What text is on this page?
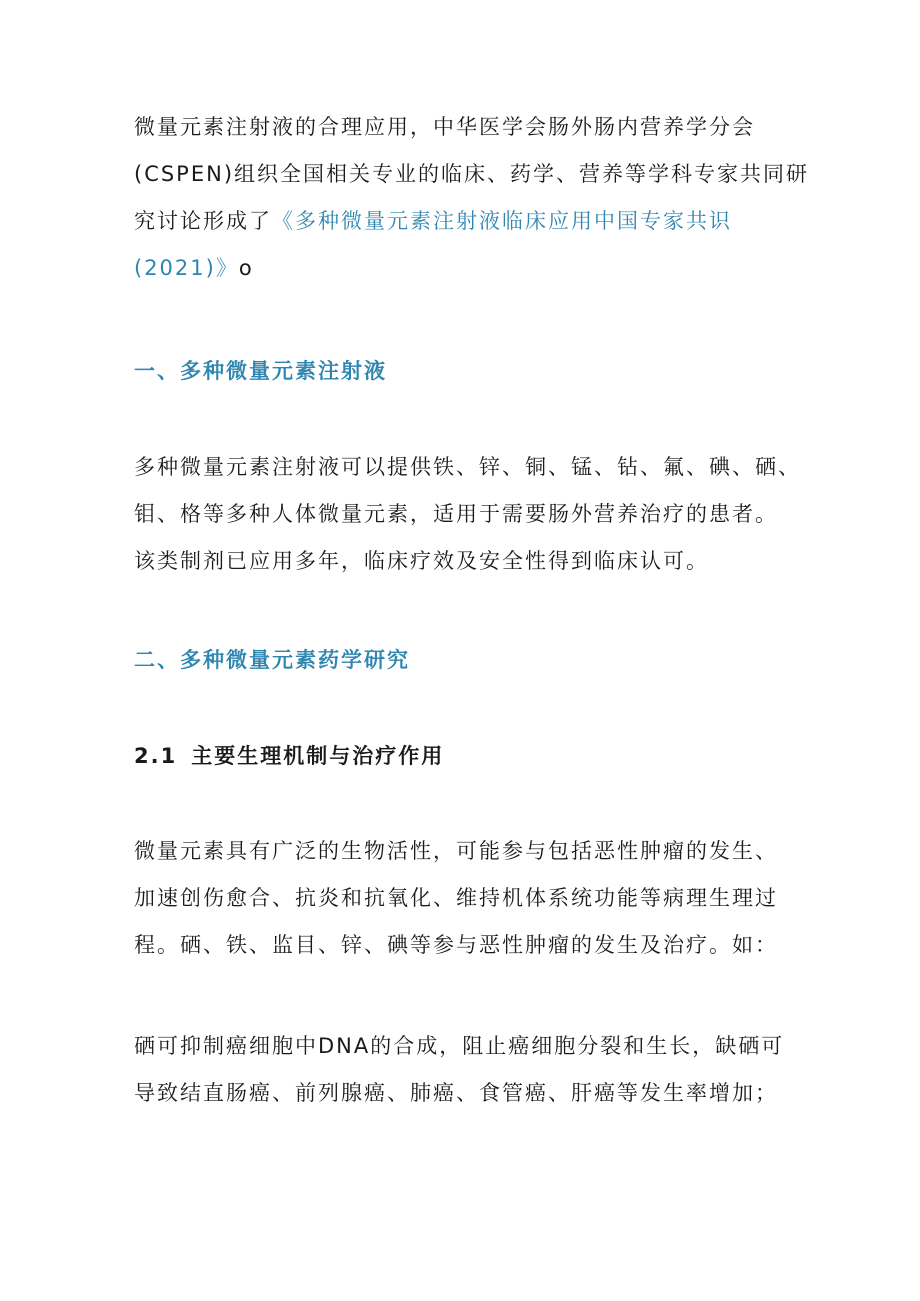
微量元素注射液的合理应用，中华医学会肠外肠内营养学分会
(CSPEN)组织全国相关专业的临床、药学、营养等学科专家共同研
究讨论形成了《多种微量元素注射液临床应用中国专家共识
(2021)》o

一、多种微量元素注射液

多种微量元素注射液可以提供铁、锌、铜、锰、钻、氟、碘、硒、
钼、格等多种人体微量元素，适用于需要肠外营养治疗的患者。
该类制剂已应用多年，临床疗效及安全性得到临床认可。

二、多种微量元素药学研究
2.1 主要生理机制与治疗作用

微量元素具有广泛的生物活性，可能参与包括恶性肿瘤的发生、
加速创伤愈合、抗炎和抗氧化、维持机体系统功能等病理生理过
程。硒、铁、监目、锌、碘等参与恶性肿瘤的发生及治疗。如：

硒可抑制癌细胞中DNA的合成，阻止癌细胞分裂和生长，缺硒可
导致结直肠癌、前列腺癌、肺癌、食管癌、肝癌等发生率增加；
